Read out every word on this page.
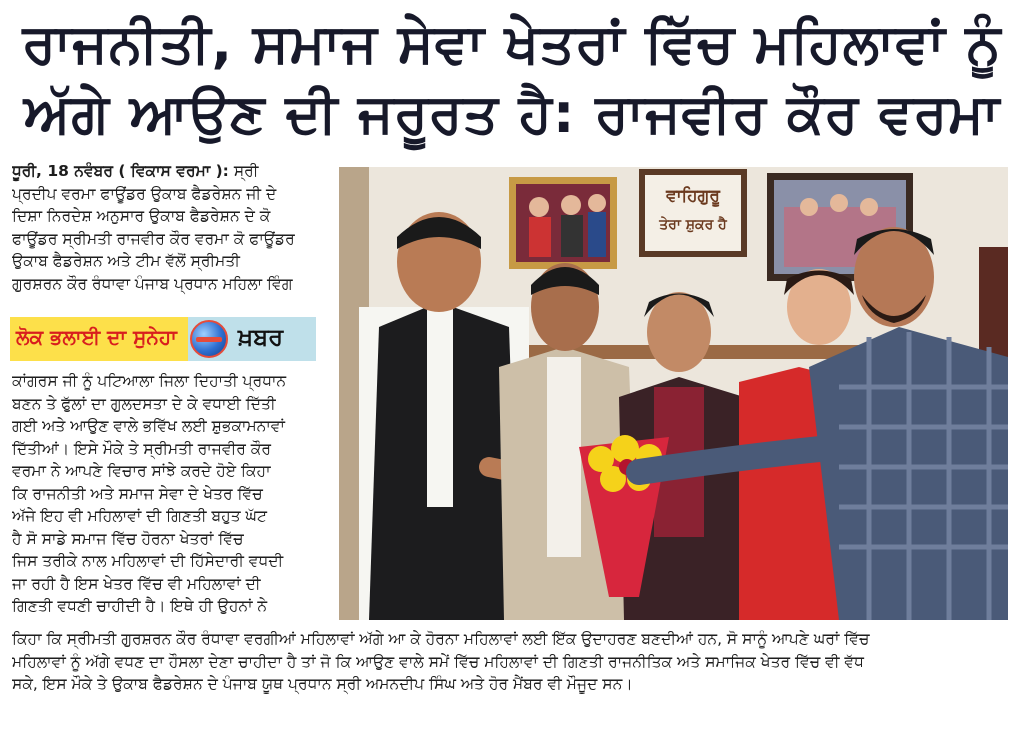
ਰਾਜਨੀਤੀ, ਸਮਾਜ ਸੇਵਾ ਖੇਤਰਾਂ ਵਿੱਚ ਮਹਿਲਾਵਾਂ ਨੂੰ
ਅੱਗੇ ਆਉਣ ਦੀ ਜਰੂਰਤ ਹੈ: ਰਾਜਵੀਰ ਕੌਰ ਵਰਮਾ
ਧੂਰੀ, 18 ਨਵੰਬਰ ( ਵਿਕਾਸ ਵਰਮਾ ): ਸ੍ਰੀ
ਪ੍ਰਦੀਪ ਵਰਮਾ ਫਾਊਂਡਰ ਉਕਾਬ ਫੈਡਰੇਸ਼ਨ ਜੀ ਦੇ
ਦਿਸ਼ਾ ਨਿਰਦੇਸ਼ ਅਨੁਸਾਰ ਉਕਾਬ ਫੈਡਰੇਸ਼ਨ ਦੇ ਕੋ
ਫਾਊਂਡਰ ਸ੍ਰੀਮਤੀ ਰਾਜਵੀਰ ਕੌਰ ਵਰਮਾ ਕੋ ਫਾਊਂਡਰ
ਉਕਾਬ ਫੈਡਰੇਸ਼ਨ ਅਤੇ ਟੀਮ ਵੱਲੋਂ ਸ੍ਰੀਮਤੀ
ਗੁਰਸ਼ਰਨ ਕੌਰ ਰੰਧਾਵਾ ਪੰਜਾਬ ਪ੍ਰਧਾਨ ਮਹਿਲਾ ਵਿੰਗ
ਲੋਕ ਭਲਾਈ ਦਾ ਸੁਨੇਹਾ	ਖ਼ਬਰ
ਕਾਂਗਰਸ ਜੀ ਨੂੰ ਪਟਿਆਲਾ ਜਿਲਾ ਦਿਹਾਤੀ ਪ੍ਰਧਾਨ
ਬਣਨ ਤੇ ਫੁੱਲਾਂ ਦਾ ਗੁਲਦਸਤਾ ਦੇ ਕੇ ਵਧਾਈ ਦਿੱਤੀ
ਗਈ ਅਤੇ ਆਉਣ ਵਾਲੇ ਭਵਿੱਖ ਲਈ ਸ਼ੁਭਕਾਮਨਾਵਾਂ
ਦਿੱਤੀਆਂ। ਇਸੇ ਮੌਕੇ ਤੇ ਸ੍ਰੀਮਤੀ ਰਾਜਵੀਰ ਕੌਰ
ਵਰਮਾ ਨੇ ਆਪਣੇ ਵਿਚਾਰ ਸਾਂਝੇ ਕਰਦੇ ਹੋਏ ਕਿਹਾ
ਕਿ ਰਾਜਨੀਤੀ ਅਤੇ ਸਮਾਜ ਸੇਵਾ ਦੇ ਖੇਤਰ ਵਿੱਚ
ਅੱਜੇ ਇਹ ਵੀ ਮਹਿਲਾਵਾਂ ਦੀ ਗਿਣਤੀ ਬਹੁਤ ਘੱਟ
ਹੈ ਸੋ ਸਾਡੇ ਸਮਾਜ ਵਿੱਚ ਹੋਰਨਾ ਖੇਤਰਾਂ ਵਿੱਚ
ਜਿਸ ਤਰੀਕੇ ਨਾਲ ਮਹਿਲਾਵਾਂ ਦੀ ਹਿੱਸੇਦਾਰੀ ਵਧਦੀ
ਜਾ ਰਹੀ ਹੈ ਇਸ ਖੇਤਰ ਵਿੱਚ ਵੀ ਮਹਿਲਾਵਾਂ ਦੀ
ਗਿਣਤੀ ਵਧਣੀ ਚਾਹੀਦੀ ਹੈ। ਇਥੇ ਹੀ ਉਹਨਾਂ ਨੇ
ਵਾਹਿਗੁਰੂ
ਤੇਰਾ ਸ਼ੁਕਰ ਹੈ
ਕਿਹਾ ਕਿ ਸ੍ਰੀਮਤੀ ਗੁਰਸ਼ਰਨ ਕੌਰ ਰੰਧਾਵਾ ਵਰਗੀਆਂ ਮਹਿਲਾਵਾਂ ਅੱਗੇ ਆ ਕੇ ਹੋਰਨਾ ਮਹਿਲਾਵਾਂ ਲਈ ਇੱਕ ਉਦਾਹਰਣ ਬਣਦੀਆਂ ਹਨ, ਸੋ ਸਾਨੂੰ ਆਪਣੇ ਘਰਾਂ ਵਿੱਚ
ਮਹਿਲਾਵਾਂ ਨੂੰ ਅੱਗੇ ਵਧਣ ਦਾ ਹੌਸਲਾ ਦੇਣਾ ਚਾਹੀਦਾ ਹੈ ਤਾਂ ਜੋ ਕਿ ਆਉਣ ਵਾਲੇ ਸਮੇਂ ਵਿੱਚ ਮਹਿਲਾਵਾਂ ਦੀ ਗਿਣਤੀ ਰਾਜਨੀਤਿਕ ਅਤੇ ਸਮਾਜਿਕ ਖੇਤਰ ਵਿੱਚ ਵੀ ਵੱਧ
ਸਕੇ, ਇਸ ਮੌਕੇ ਤੇ ਉਕਾਬ ਫੈਡਰੇਸ਼ਨ ਦੇ ਪੰਜਾਬ ਯੂਥ ਪ੍ਰਧਾਨ ਸ੍ਰੀ ਅਮਨਦੀਪ ਸਿੰਘ ਅਤੇ ਹੋਰ ਮੈਂਬਰ ਵੀ ਮੌਜੂਦ ਸਨ।
